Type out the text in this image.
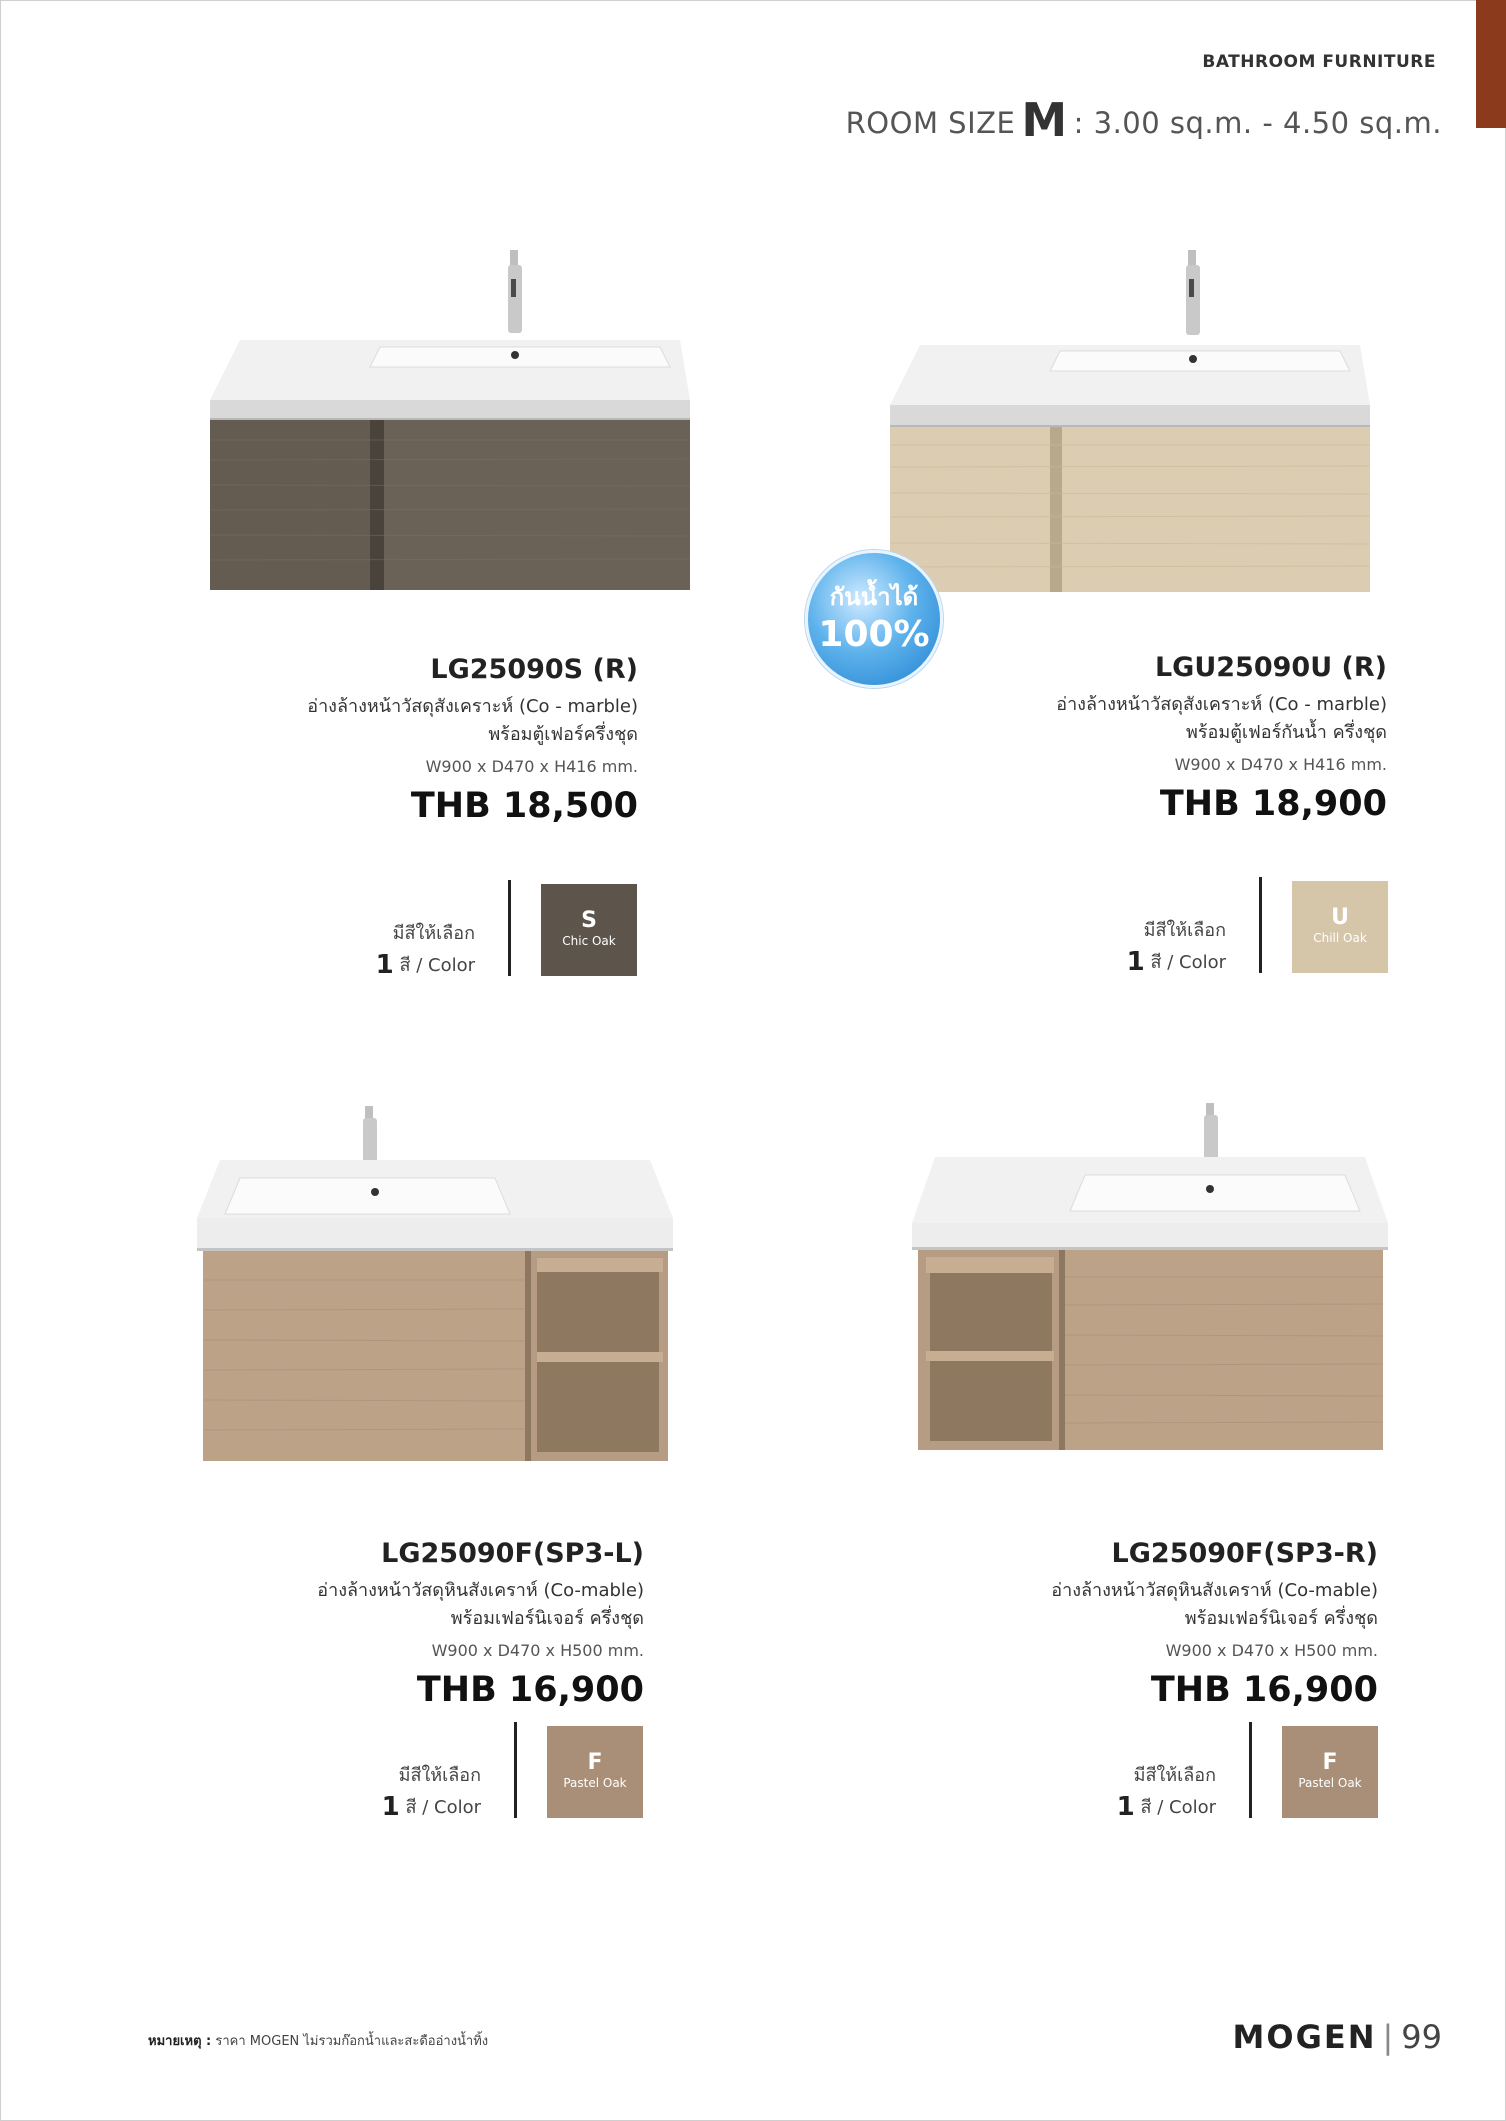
BATHROOM FURNITURE
ROOM SIZE M : 3.00 sq.m. - 4.50 sq.m.
กันน้ำได้
100%
LG25090S (R)
อ่างล้างหน้าวัสดุสังเคราะห์ (Co - marble)
พร้อมตู้เฟอร์ครึ่งชุด
W900 x D470 x H416 mm.
THB 18,500
มีสีให้เลือก
1 สี / Color
S
Chic Oak
LGU25090U (R)
อ่างล้างหน้าวัสดุสังเคราะห์ (Co - marble)
พร้อมตู้เฟอร์กันน้ำ ครึ่งชุด
W900 x D470 x H416 mm.
THB 18,900
มีสีให้เลือก
1 สี / Color
U
Chill Oak
LG25090F(SP3-L)
อ่างล้างหน้าวัสดุหินสังเคราห์ (Co-mable)
พร้อมเฟอร์นิเจอร์ ครึ่งชุด
W900 x D470 x H500 mm.
THB 16,900
มีสีให้เลือก
1 สี / Color
F
Pastel Oak
LG25090F(SP3-R)
อ่างล้างหน้าวัสดุหินสังเคราห์ (Co-mable)
พร้อมเฟอร์นิเจอร์ ครึ่งชุด
W900 x D470 x H500 mm.
THB 16,900
มีสีให้เลือก
1 สี / Color
F
Pastel Oak
หมายเหตุ : ราคา MOGEN ไม่รวมก๊อกน้ำและสะดืออ่างน้ำทิ้ง	MOGEN | 99
